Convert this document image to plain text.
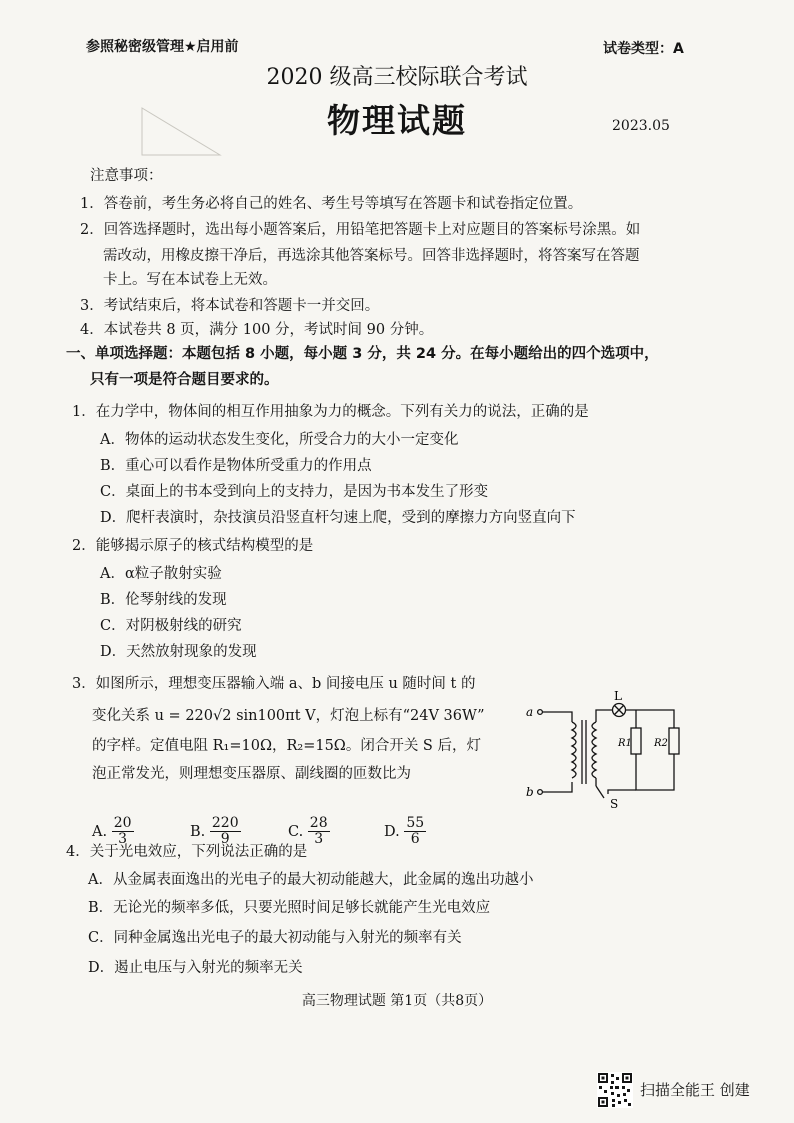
参照秘密级管理★启用前	试卷类型：A
2020 级高三校际联合考试
物理试题	2023.05
注意事项：
1．答卷前，考生务必将自己的姓名、考生号等填写在答题卡和试卷指定位置。
2．回答选择题时，选出每小题答案后，用铅笔把答题卡上对应题目的答案标号涂黑。如
需改动，用橡皮擦干净后，再选涂其他答案标号。回答非选择题时，将答案写在答题
卡上。写在本试卷上无效。
3．考试结束后，将本试卷和答题卡一并交回。
4．本试卷共 8 页，满分 100 分，考试时间 90 分钟。
一、单项选择题：本题包括 8 小题，每小题 3 分，共 24 分。在每小题给出的四个选项中，
只有一项是符合题目要求的。
1．在力学中，物体间的相互作用抽象为力的概念。下列有关力的说法，正确的是
A．物体的运动状态发生变化，所受合力的大小一定变化
B．重心可以看作是物体所受重力的作用点
C．桌面上的书本受到向上的支持力，是因为书本发生了形变
D．爬杆表演时，杂技演员沿竖直杆匀速上爬，受到的摩擦力方向竖直向下
2．能够揭示原子的核式结构模型的是
A．α粒子散射实验
B．伦琴射线的发现
C．对阴极射线的研究
D．天然放射现象的发现
3．如图所示，理想变压器输入端 a、b 间接电压 u 随时间 t 的
变化关系 u = 220√2 sin100πt V，灯泡上标有“24V 36W”
的字样。定值电阻 R₁=10Ω，R₂=15Ω。闭合开关 S 后，灯
泡正常发光，则理想变压器原、副线圈的匝数比为
A. $\frac{20}{3}$	B. $\frac{220}{9}$	C. $\frac{28}{3}$	D. $\frac{55}{6}$
a
b
L
R1 R2
S
4．关于光电效应，下列说法正确的是
A．从金属表面逸出的光电子的最大初动能越大，此金属的逸出功越小
B．无论光的频率多低，只要光照时间足够长就能产生光电效应
C．同种金属逸出光电子的最大初动能与入射光的频率有关
D．遏止电压与入射光的频率无关
高三物理试题 第1页（共8页）
扫描全能王 创建
